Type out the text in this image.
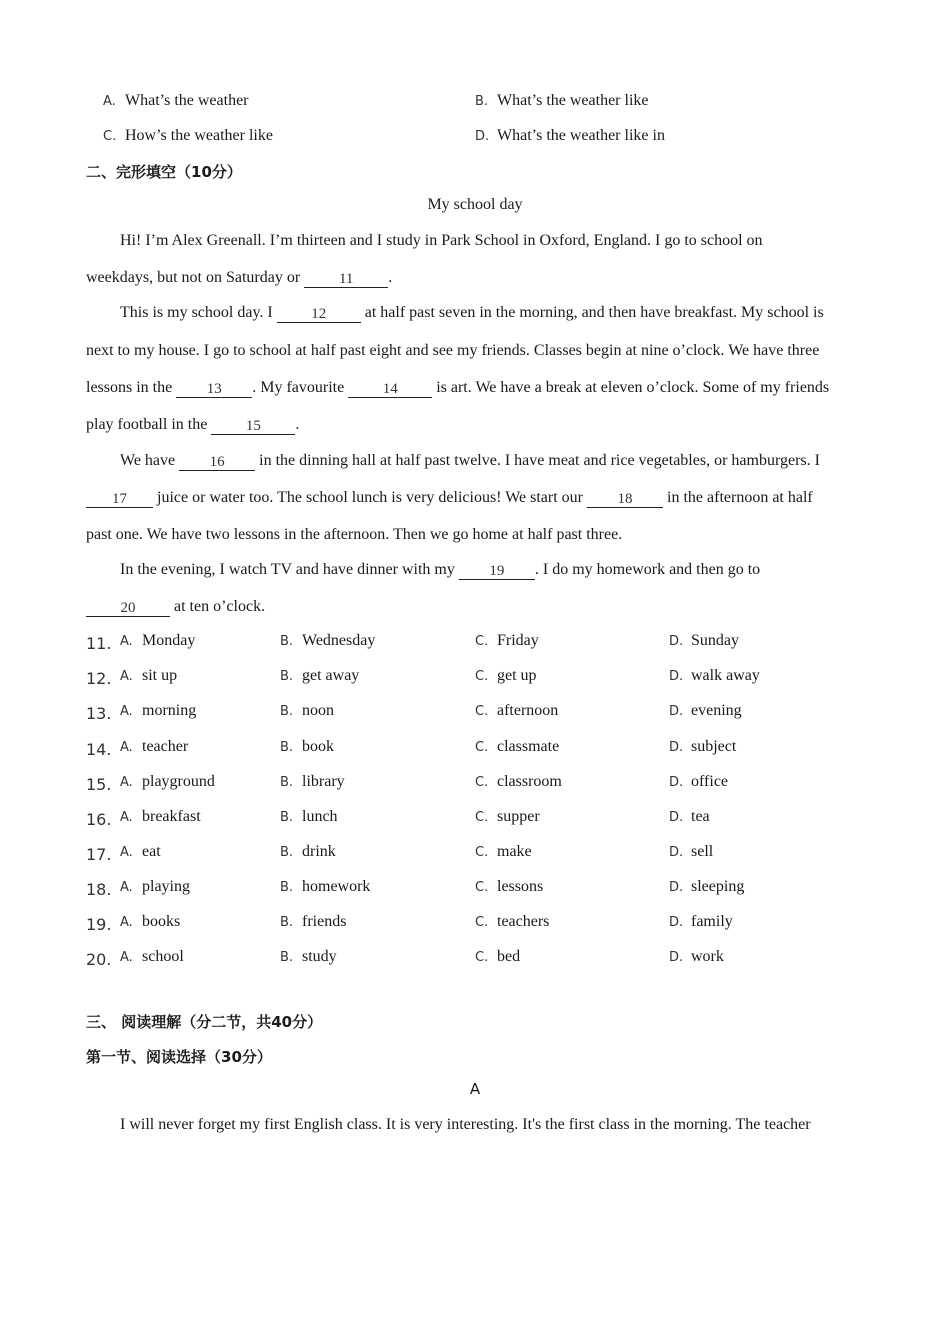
A. What’s the weather	B. What’s the weather like
C. How’s the weather like	D. What’s the weather like in
二、完形填空（10分）
My school day
Hi! I’m Alex Greenall. I’m thirteen and I study in Park School in Oxford, England. I go to school on
weekdays, but not on Saturday or 11 .
This is my school day. I 12 at half past seven in the morning, and then have breakfast. My school is
next to my house. I go to school at half past eight and see my friends. Classes begin at nine o’clock. We have three
lessons in the 13 . My favourite 14 is art. We have a break at eleven o’clock. Some of my friends
play football in the 15 .
We have 16 in the dinning hall at half past twelve. I have meat and rice vegetables, or hamburgers. I
17 juice or water too. The school lunch is very delicious! We start our 18 in the afternoon at half
past one. We have two lessons in the afternoon. Then we go home at half past three.
In the evening, I watch TV and have dinner with my 19 . I do my homework and then go to
20 at ten o’clock.
11. A. Monday	B. Wednesday	C. Friday	D. Sunday
12. A. sit up	B. get away	C. get up	D. walk away
13. A. morning	B. noon	C. afternoon	D. evening
14. A. teacher	B. book	C. classmate	D. subject
15. A. playground	B. library	C. classroom	D. office
16. A. breakfast	B. lunch	C. supper	D. tea
17. A. eat	B. drink	C. make	D. sell
18. A. playing	B. homework	C. lessons	D. sleeping
19. A. books	B. friends	C. teachers	D. family
20. A. school	B. study	C. bed	D. work
三、 阅读理解（分二节，共40分）
第一节、阅读选择（30分）
A
I will never forget my first English class. It is very interesting. It's the first class in the morning. The teacher
